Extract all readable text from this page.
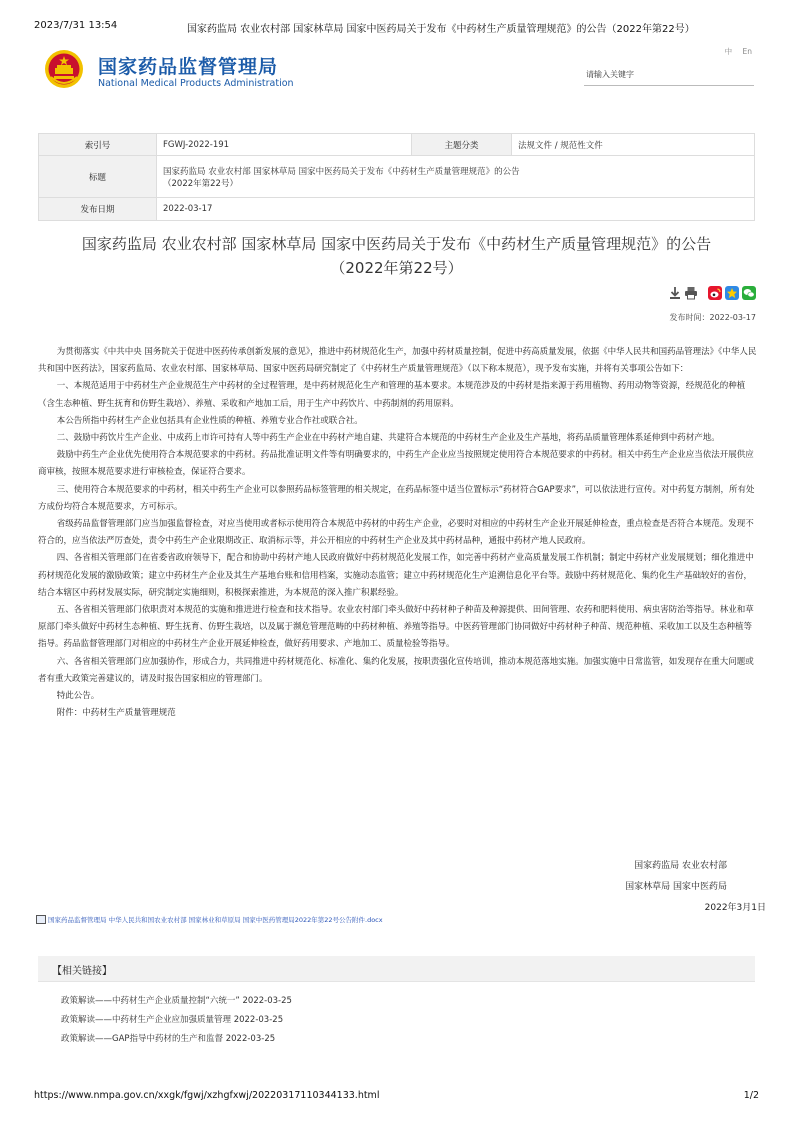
2023/7/31 13:54	国家药监局 农业农村部 国家林草局 国家中医药局关于发布《中药材生产质量管理规范》的公告（2022年第22号）
国家药品监督管理局
National Medical Products Administration
中 En
请输入关键字
索引号	FGWJ-2022-191	主题分类	法规文件 / 规范性文件
标题	国家药监局 农业农村部 国家林草局 国家中医药局关于发布《中药材生产质量管理规范》的公告
（2022年第22号）		

发布日期	2022-03-17		
国家药监局 农业农村部 国家林草局 国家中医药局关于发布《中药材生产质量管理规范》的公告
（2022年第22号）
发布时间：2022-03-17

为贯彻落实《中共中央 国务院关于促进中医药传承创新发展的意见》，推进中药材规范化生产，加强中药材质量控制，促进中药高质量发展，依据《中华人民共和国药品管理法》《中华人民共和国中医药法》，国家药监局、农业农村部、国家林草局、国家中医药局研究制定了《中药材生产质量管理规范》（以下称本规范），现予发布实施，并将有关事项公告如下：

一、本规范适用于中药材生产企业规范生产中药材的全过程管理，是中药材规范化生产和管理的基本要求。本规范涉及的中药材是指来源于药用植物、药用动物等资源，经规范化的种植（含生态种植、野生抚育和仿野生栽培）、养殖、采收和产地加工后，用于生产中药饮片、中药制剂的药用原料。

本公告所指中药材生产企业包括具有企业性质的种植、养殖专业合作社或联合社。

二、鼓励中药饮片生产企业、中成药上市许可持有人等中药生产企业在中药材产地自建、共建符合本规范的中药材生产企业及生产基地，将药品质量管理体系延伸到中药材产地。

鼓励中药生产企业优先使用符合本规范要求的中药材。药品批准证明文件等有明确要求的，中药生产企业应当按照规定使用符合本规范要求的中药材。相关中药生产企业应当依法开展供应商审核，按照本规范要求进行审核检查，保证符合要求。

三、使用符合本规范要求的中药材，相关中药生产企业可以参照药品标签管理的相关规定，在药品标签中适当位置标示“药材符合GAP要求”，可以依法进行宣传。对中药复方制剂，所有处方成份均符合本规范要求，方可标示。

省级药品监督管理部门应当加强监督检查，对应当使用或者标示使用符合本规范中药材的中药生产企业，必要时对相应的中药材生产企业开展延伸检查，重点检查是否符合本规范。发现不符合的，应当依法严厉查处，责令中药生产企业限期改正、取消标示等，并公开相应的中药材生产企业及其中药材品种，通报中药材产地人民政府。

四、各省相关管理部门在省委省政府领导下，配合和协助中药材产地人民政府做好中药材规范化发展工作，如完善中药材产业高质量发展工作机制；制定中药材产业发展规划；细化推进中药材规范化发展的激励政策；建立中药材生产企业及其生产基地台账和信用档案，实施动态监管；建立中药材规范化生产追溯信息化平台等。鼓励中药材规范化、集约化生产基础较好的省份，结合本辖区中药材发展实际，研究制定实施细则，积极探索推进，为本规范的深入推广积累经验。

五、各省相关管理部门依职责对本规范的实施和推进进行检查和技术指导。农业农村部门牵头做好中药材种子种苗及种源提供、田间管理、农药和肥料使用、病虫害防治等指导。林业和草原部门牵头做好中药材生态种植、野生抚育、仿野生栽培，以及属于濒危管理范畴的中药材种植、养殖等指导。中医药管理部门协同做好中药材种子种苗、规范种植、采收加工以及生态种植等指导。药品监督管理部门对相应的中药材生产企业开展延伸检查，做好药用要求、产地加工、质量检验等指导。

六、各省相关管理部门应加强协作，形成合力，共同推进中药材规范化、标准化、集约化发展，按职责强化宣传培训，推动本规范落地实施。加强实施中日常监管，如发现存在重大问题或者有重大政策完善建议的，请及时报告国家相应的管理部门。

特此公告。

附件：中药材生产质量管理规范

国家药监局 农业农村部
国家林草局 国家中医药局
2022年3月1日
国家药品监督管理局 中华人民共和国农业农村部 国家林业和草原局 国家中医药管理局2022年第22号公告附件.docx
【相关链接】
政策解读——中药材生产企业质量控制“六统一” 2022-03-25
政策解读——中药材生产企业应加强质量管理 2022-03-25
政策解读——GAP指导中药材的生产和监督 2022-03-25
https://www.nmpa.gov.cn/xxgk/fgwj/xzhgfxwj/20220317110344133.html	1/2
